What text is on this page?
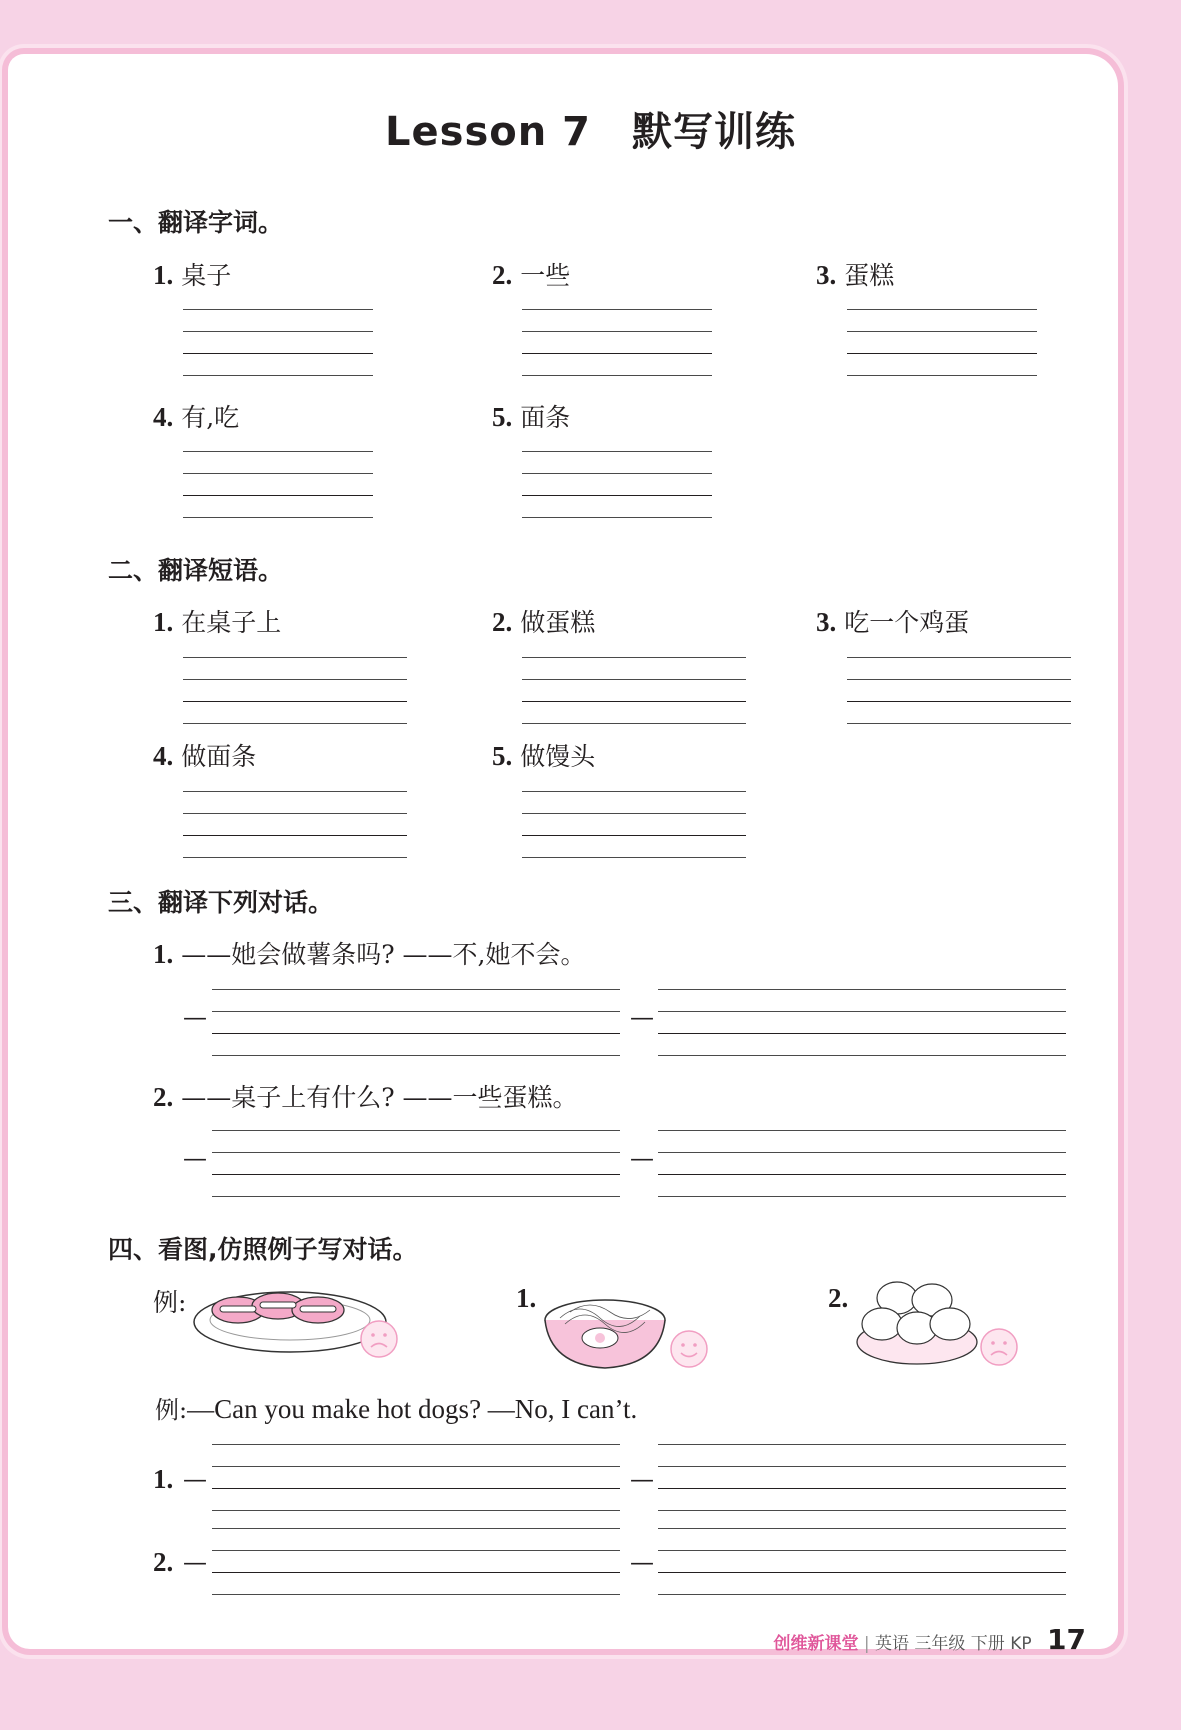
Lesson 7　默写训练
一、翻译字词。
1. 桌子	2. 一些	3. 蛋糕
4. 有,吃	5. 面条
二、翻译短语。
1. 在桌子上	2. 做蛋糕	3. 吃一个鸡蛋
4. 做面条	5. 做馒头
三、翻译下列对话。
1. ——她会做薯条吗? ——不,她不会。
—	—
2. ——桌子上有什么? ——一些蛋糕。
—	—
四、看图,仿照例子写对话。
例:	1.	2.
例:—Can you make hot dogs? —No, I can’t.
1. —	—
2. —	—
创维新课堂 | 英语 三年级 下册 KP 17
